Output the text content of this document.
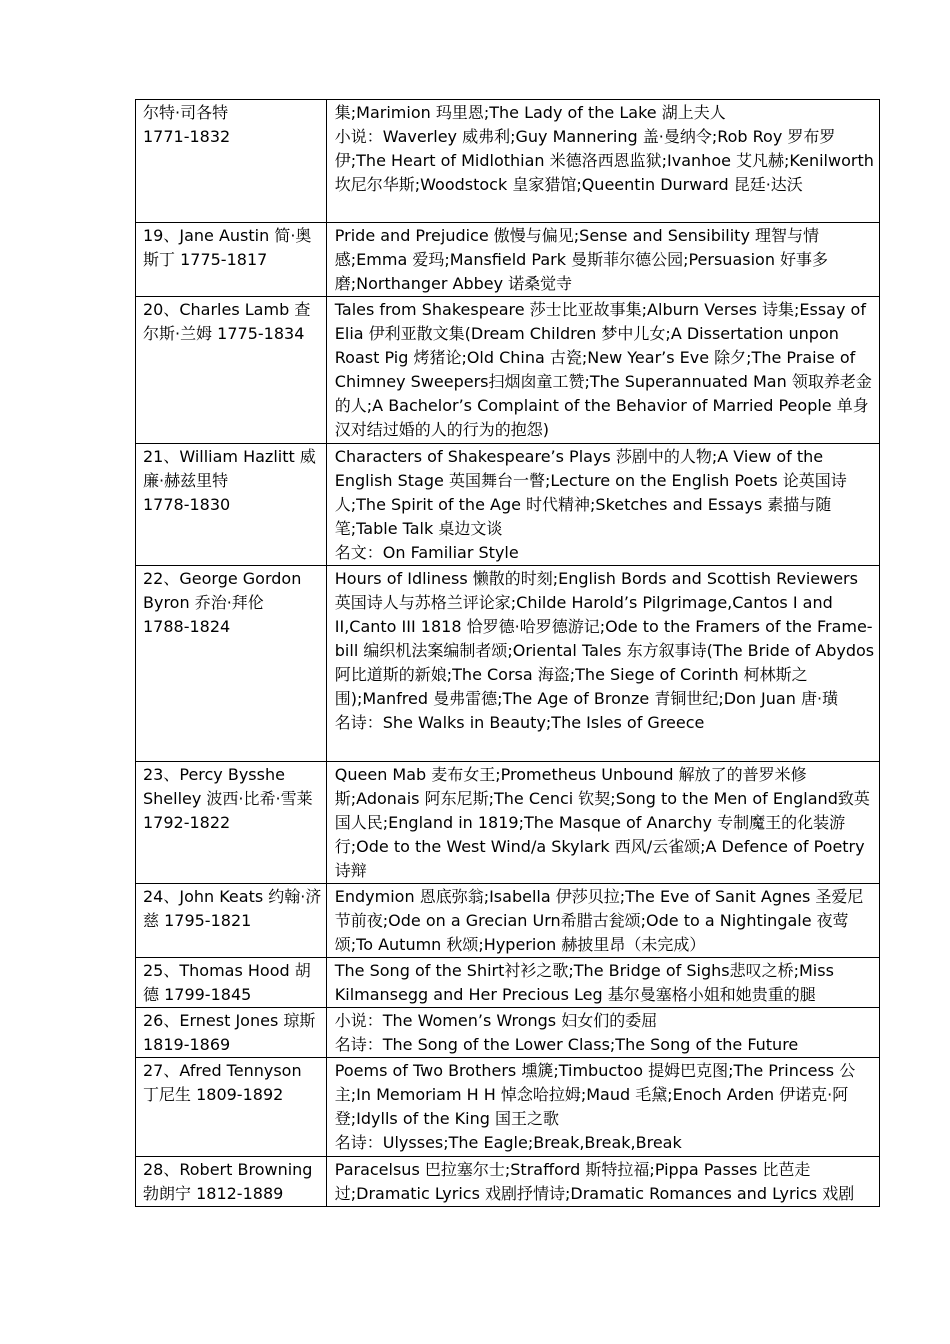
尔特·司各特
1771-1832	集;Marimion 玛里恩;The Lady of the Lake 湖上夫人
小说：Waverley 威弗利;Guy Mannering 盖·曼纳令;Rob Roy 罗布罗伊;The Heart of Midlothian 米德洛西恩监狱;Ivanhoe 艾凡赫;Kenilworth 坎尼尔华斯;Woodstock 皇家猎馆;Queentin Durward 昆廷·达沃

19、Jane Austin 简·奥斯丁 1775-1817	Pride and Prejudice 傲慢与偏见;Sense and Sensibility 理智与情感;Emma 爱玛;Mansfield Park 曼斯菲尔德公园;Persuasion 好事多磨;Northanger Abbey 诺桑觉寺

20、Charles Lamb 查尔斯·兰姆 1775-1834	Tales from Shakespeare 莎士比亚故事集;Alburn Verses 诗集;Essay of Elia 伊利亚散文集(Dream Children 梦中儿女;A Dissertation unpon Roast Pig 烤猪论;Old China 古瓷;New Year’s Eve 除夕;The Praise of Chimney Sweepers扫烟囱童工赞;The Superannuated Man 领取养老金的人;A Bachelor’s Complaint of the Behavior of Married People 单身汉对结过婚的人的行为的抱怨)

21、William Hazlitt 威廉·赫兹里特
1778-1830	Characters of Shakespeare’s Plays 莎剧中的人物;A View of the English Stage 英国舞台一瞥;Lecture on the English Poets 论英国诗人;The Spirit of the Age 时代精神;Sketches and Essays 素描与随笔;Table Talk 桌边文谈
名文：On Familiar Style

22、George Gordon Byron 乔治·拜伦
1788-1824	Hours of Idliness 懒散的时刻;English Bords and Scottish Reviewers 英国诗人与苏格兰评论家;Childe Harold’s Pilgrimage,Cantos I and II,Canto III 1818 恰罗德·哈罗德游记;Ode to the Framers of the Frame-bill 编织机法案编制者颂;Oriental Tales 东方叙事诗(The Bride of Abydos 阿比道斯的新娘;The Corsa 海盗;The Siege of Corinth 柯林斯之围);Manfred 曼弗雷德;The Age of Bronze 青铜世纪;Don Juan 唐·璜
名诗：She Walks in Beauty;The Isles of Greece

23、Percy Bysshe Shelley 波西·比希·雪莱 1792-1822	Queen Mab 麦布女王;Prometheus Unbound 解放了的普罗米修斯;Adonais 阿东尼斯;The Cenci 钦契;Song to the Men of England致英国人民;England in 1819;The Masque of Anarchy 专制魔王的化装游行;Ode to the West Wind/a Skylark 西风/云雀颂;A Defence of Poetry 诗辩

24、John Keats 约翰·济慈 1795-1821	Endymion 恩底弥翁;Isabella 伊莎贝拉;The Eve of Sanit Agnes 圣爱尼节前夜;Ode on a Grecian Urn希腊古瓮颂;Ode to a Nightingale 夜莺颂;To Autumn 秋颂;Hyperion 赫披里昂（未完成）

25、Thomas Hood 胡德 1799-1845	The Song of the Shirt衬衫之歌;The Bridge of Sighs悲叹之桥;Miss Kilmansegg and Her Precious Leg 基尔曼塞格小姐和她贵重的腿

26、Ernest Jones 琼斯 1819-1869	小说：The Women’s Wrongs 妇女们的委屈
名诗：The Song of the Lower Class;The Song of the Future

27、Afred Tennyson 丁尼生 1809-1892	Poems of Two Brothers 壎篪;Timbuctoo 提姆巴克图;The Princess 公主;In Memoriam H H 悼念哈拉姆;Maud 毛黛;Enoch Arden 伊诺克·阿登;Idylls of the King 国王之歌
名诗：Ulysses;The Eagle;Break,Break,Break

28、Robert Browning 勃朗宁 1812-1889	Paracelsus 巴拉塞尔士;Strafford 斯特拉福;Pippa Passes 比芭走过;Dramatic Lyrics 戏剧抒情诗;Dramatic Romances and Lyrics 戏剧
